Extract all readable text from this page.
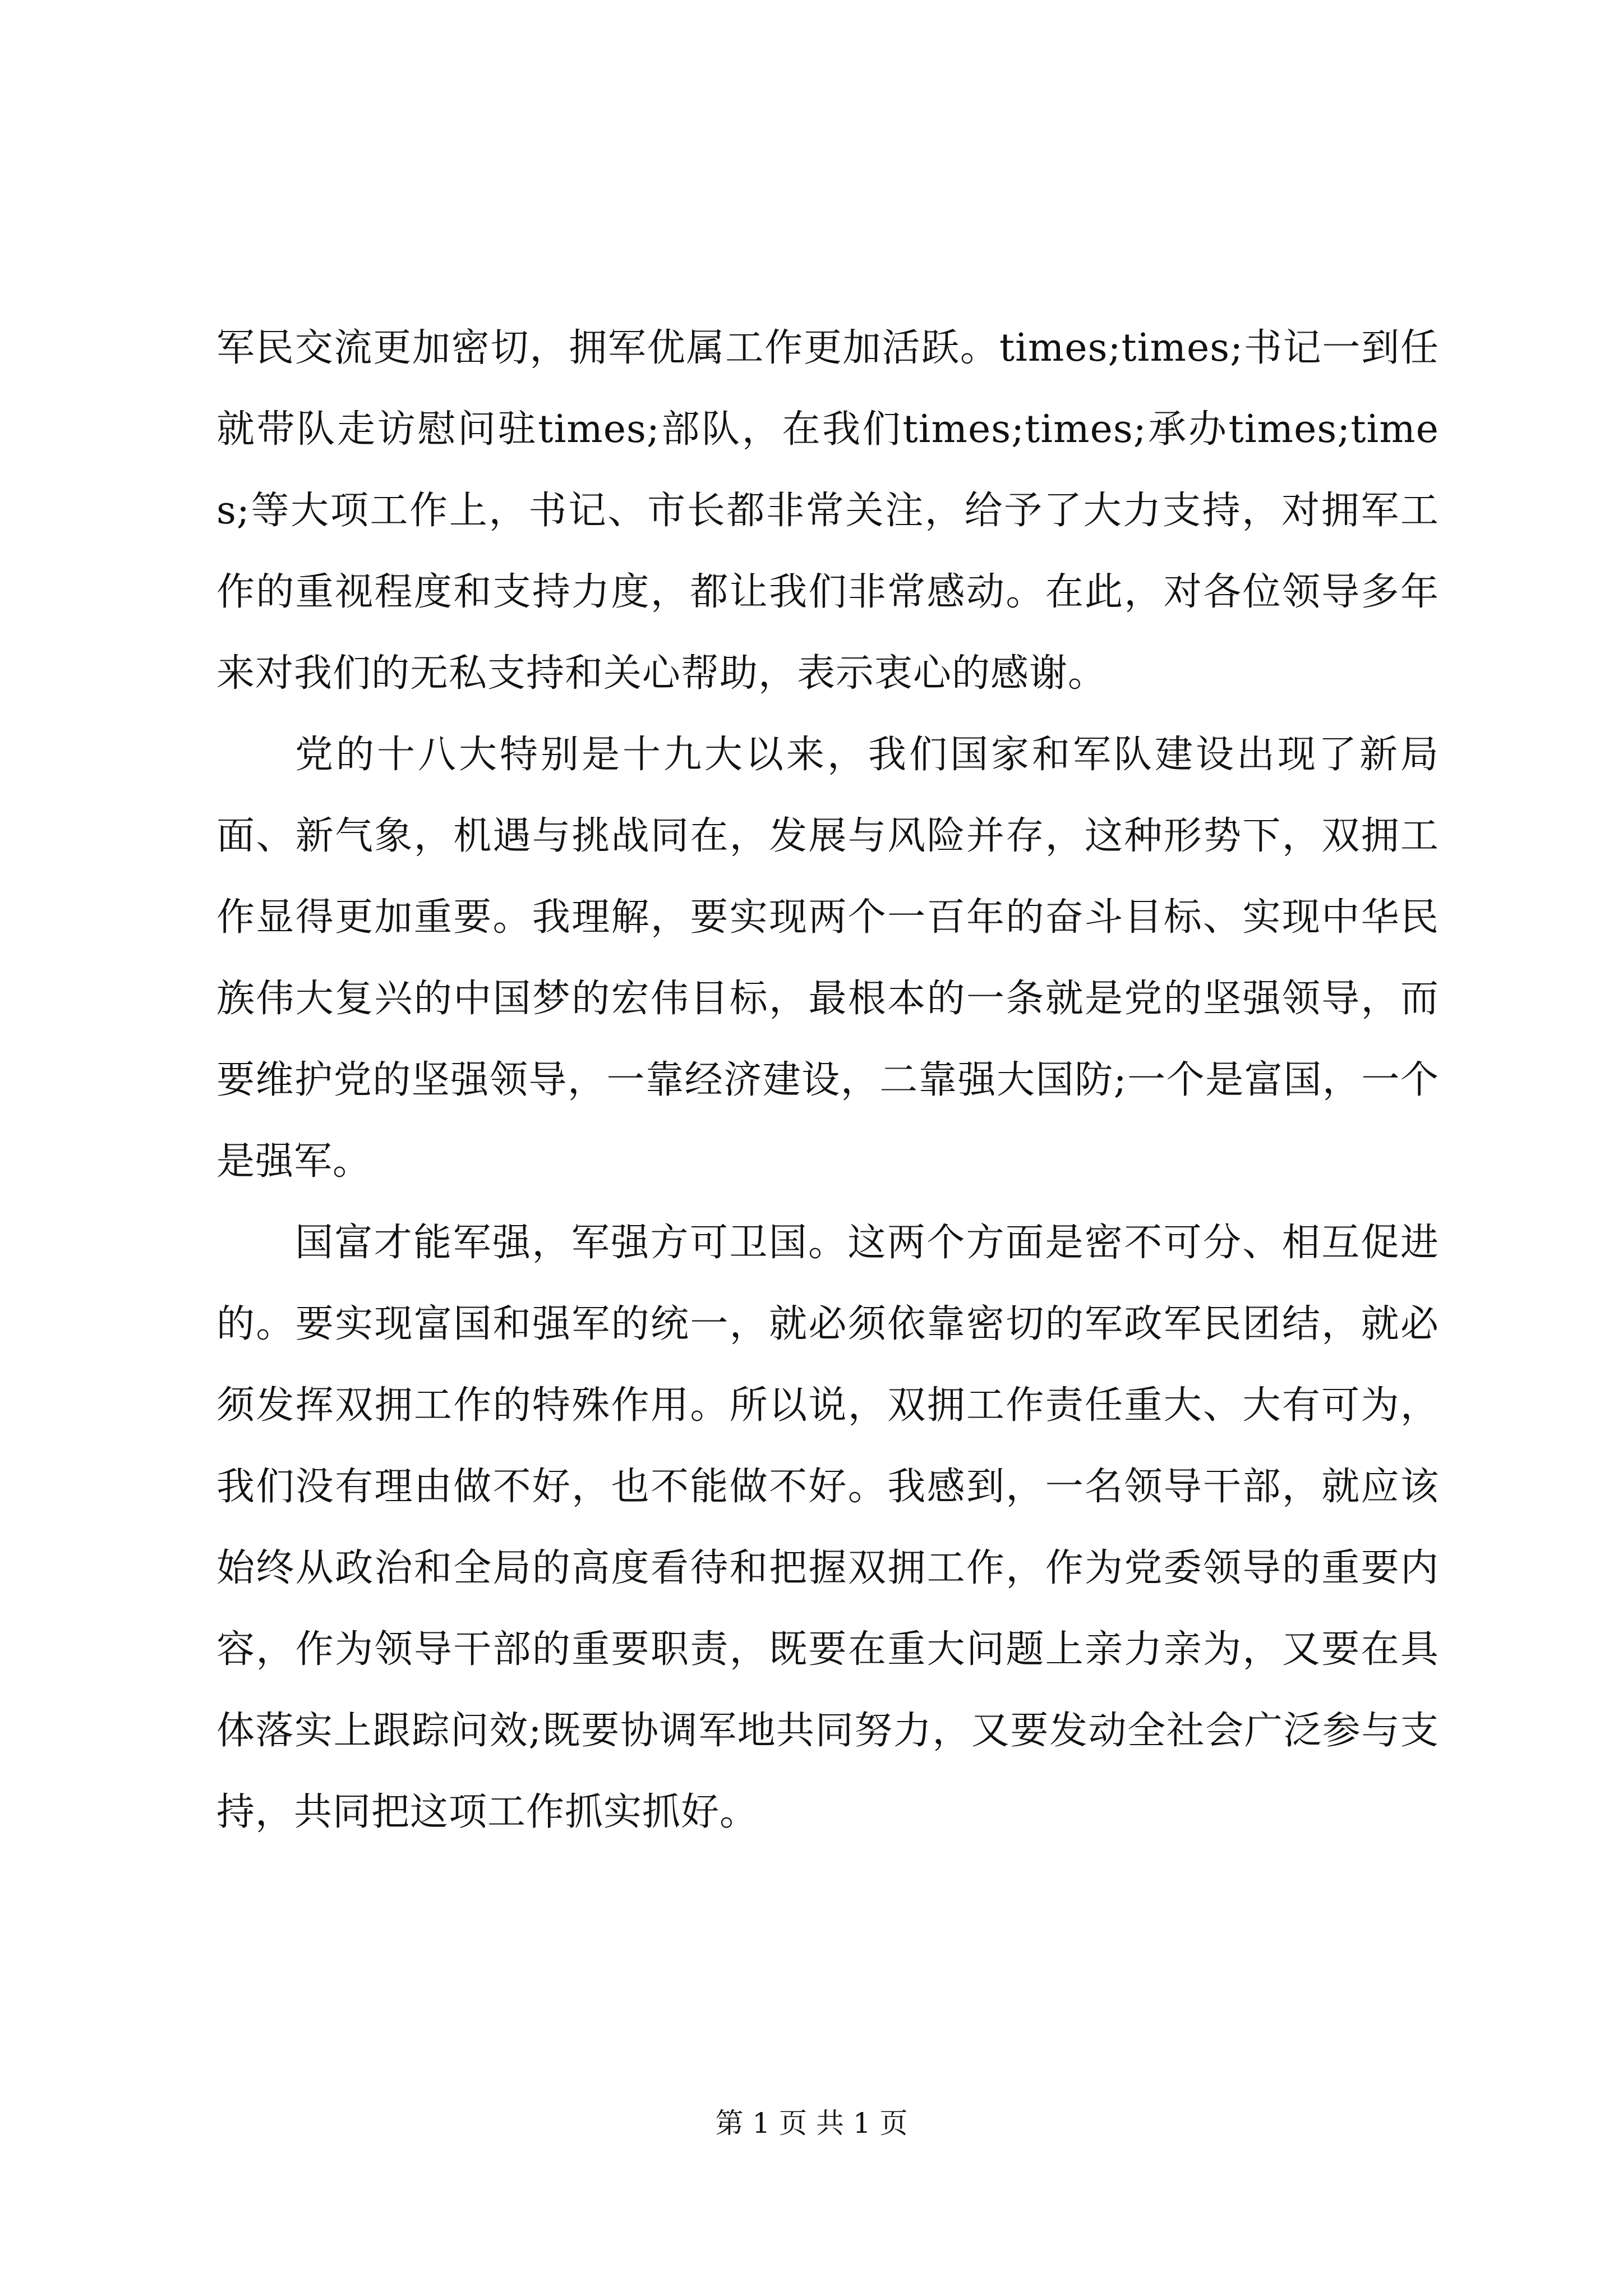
军民交流更加密切，拥军优属工作更加活跃。times;times;书记一到任就带队走访慰问驻times;部队，在我们times;times;承办times;times;等大项工作上，书记、市长都非常关注，给予了大力支持，对拥军工作的重视程度和支持力度，都让我们非常感动。在此，对各位领导多年来对我们的无私支持和关心帮助，表示衷心的感谢。

党的十八大特别是十九大以来，我们国家和军队建设出现了新局面、新气象，机遇与挑战同在，发展与风险并存，这种形势下，双拥工作显得更加重要。我理解，要实现两个一百年的奋斗目标、实现中华民族伟大复兴的中国梦的宏伟目标，最根本的一条就是党的坚强领导，而要维护党的坚强领导，一靠经济建设，二靠强大国防;一个是富国，一个是强军。

国富才能军强，军强方可卫国。这两个方面是密不可分、相互促进的。要实现富国和强军的统一，就必须依靠密切的军政军民团结，就必须发挥双拥工作的特殊作用。所以说，双拥工作责任重大、大有可为，我们没有理由做不好，也不能做不好。我感到，一名领导干部，就应该始终从政治和全局的高度看待和把握双拥工作，作为党委领导的重要内容，作为领导干部的重要职责，既要在重大问题上亲力亲为，又要在具体落实上跟踪问效;既要协调军地共同努力，又要发动全社会广泛参与支持，共同把这项工作抓实抓好。

第 1 页 共 1 页
